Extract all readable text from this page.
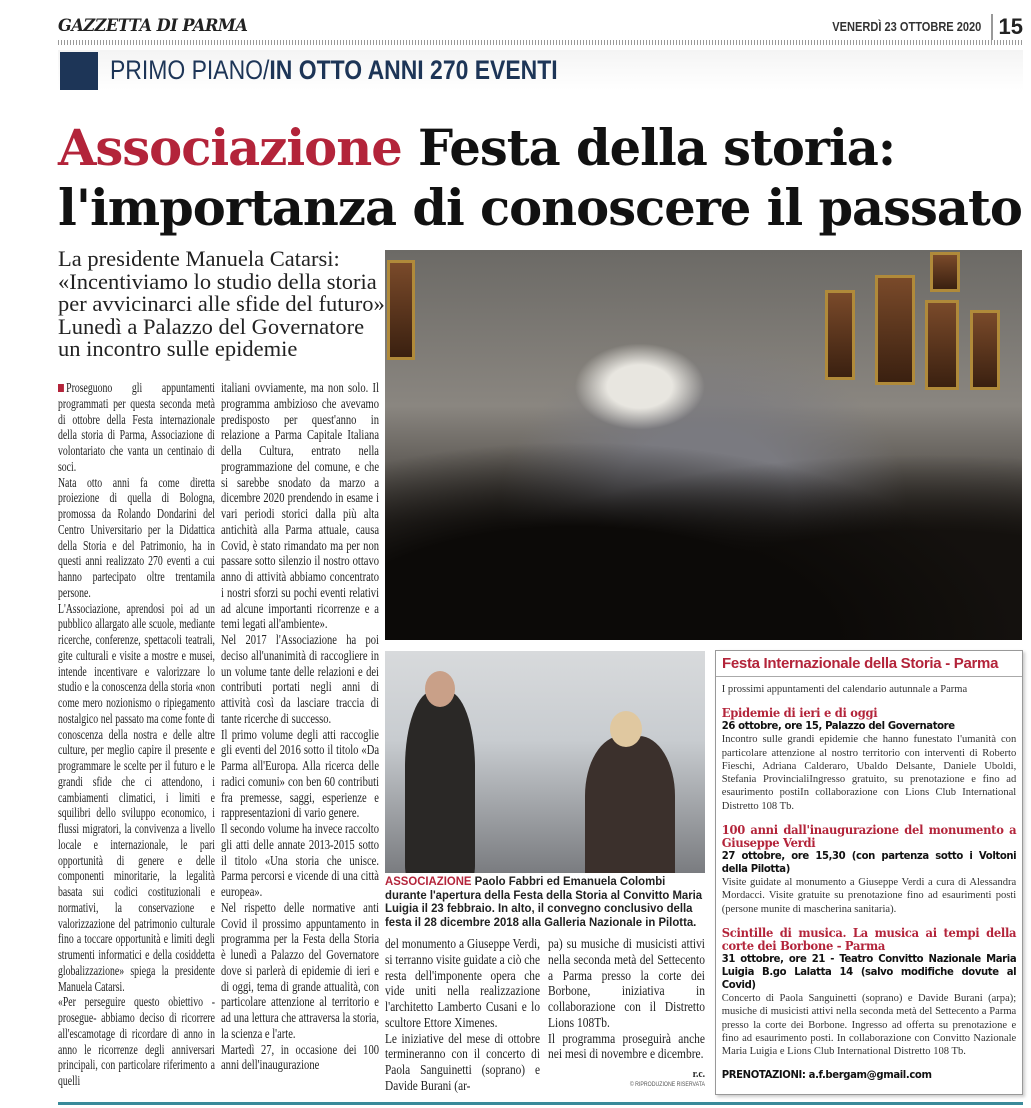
GAZZETTA DI PARMA	VENERDÌ 23 OTTOBRE 2020 15
PRIMO PIANO/IN OTTO ANNI 270 EVENTI
Associazione Festa della storia:
l'importanza di conoscere il passato
La presidente Manuela Catarsi: «Incentiviamo lo studio della storia per avvicinarci alle sfide del futuro» Lunedì a Palazzo del Governatore un incontro sulle epidemie

Proseguono gli appuntamenti programmati per questa seconda metà di ottobre della Festa internazionale della storia di Parma, Associazione di volontariato che vanta un centinaio di soci.

Nata otto anni fa come diretta proiezione di quella di Bologna, promossa da Rolando Dondarini del Centro Universitario per la Didattica della Storia e del Patrimonio, ha in questi anni realizzato 270 eventi a cui hanno partecipato oltre trentamila persone.

L'Associazione, aprendosi poi ad un pubblico allargato alle scuole, mediante ricerche, conferenze, spettacoli teatrali, gite culturali e visite a mostre e musei, intende incentivare e valorizzare lo studio e la conoscenza della storia «non come mero nozionismo o ripiegamento nostalgico nel passato ma come fonte di conoscenza della nostra e delle altre culture, per meglio capire il presente e programmare le scelte per il futuro e le grandi sfide che ci attendono, i cambiamenti climatici, i limiti e squilibri dello sviluppo economico, i flussi migratori, la convivenza a livello locale e internazionale, le pari opportunità di genere e delle componenti minoritarie, la legalità basata sui codici costituzionali e normativi, la conservazione e valorizzazione del patrimonio culturale fino a toccare opportunità e limiti degli strumenti informatici e della cosiddetta globalizzazione» spiega la presidente Manuela Catarsi.

«Per perseguire questo obiettivo - prosegue- abbiamo deciso di ricorrere all'escamotage di ricordare di anno in anno le ricorrenze degli anniversari principali, con particolare riferimento a quelli

italiani ovviamente, ma non solo. Il programma ambizioso che avevamo predisposto per quest'anno in relazione a Parma Capitale Italiana della Cultura, entrato nella programmazione del comune, e che si sarebbe snodato da marzo a dicembre 2020 prendendo in esame i vari periodi storici dalla più alta antichità alla Parma attuale, causa Covid, è stato rimandato ma per non passare sotto silenzio il nostro ottavo anno di attività abbiamo concentrato i nostri sforzi su pochi eventi relativi ad alcune importanti ricorrenze e a temi legati all'ambiente».

Nel 2017 l'Associazione ha poi deciso all'unanimità di raccogliere in un volume tante delle relazioni e dei contributi portati negli anni di attività così da lasciare traccia di tante ricerche di successo.

Il primo volume degli atti raccoglie gli eventi del 2016 sotto il titolo «Da Parma all'Europa. Alla ricerca delle radici comuni» con ben 60 contributi fra premesse, saggi, esperienze e rappresentazioni di vario genere.

Il secondo volume ha invece raccolto gli atti delle annate 2013-2015 sotto il titolo «Una storia che unisce. Parma percorsi e vicende di una città europea».

Nel rispetto delle normative anti Covid il prossimo appuntamento in programma per la Festa della Storia è lunedì a Palazzo del Governatore dove si parlerà di epidemie di ieri e di oggi, tema di grande attualità, con particolare attenzione al territorio e ad una lettura che attraversa la storia, la scienza e l'arte.

Martedì 27, in occasione dei 100 anni dell'inaugurazione

ASSOCIAZIONE Paolo Fabbri ed Emanuela Colombi durante l'apertura della Festa della Storia al Convitto Maria Luigia il 23 febbraio. In alto, il convegno conclusivo della festa il 28 dicembre 2018 alla Galleria Nazionale in Pilotta.

del monumento a Giuseppe Verdi, si terranno visite guidate a ciò che resta dell'imponente opera che vide uniti nella realizzazione l'architetto Lamberto Cusani e lo scultore Ettore Ximenes.

Le iniziative del mese di ottobre termineranno con il concerto di Paola Sanguinetti (soprano) e Davide Burani (ar-

pa) su musiche di musicisti attivi nella seconda metà del Settecento a Parma presso la corte dei Borbone, iniziativa in collaborazione con il Distretto Lions 108Tb.

Il programma proseguirà anche nei mesi di novembre e dicembre.

r.c.
© RIPRODUZIONE RISERVATA
Festa Internazionale della Storia - Parma
I prossimi appuntamenti del calendario autunnale a Parma
Epidemie di ieri e di oggi
26 ottobre, ore 15, Palazzo del Governatore
Incontro sulle grandi epidemie che hanno funestato l'umanità con particolare attenzione al nostro territorio con interventi di Roberto Fieschi, Adriana Calderaro, Ubaldo Delsante, Daniele Uboldi, Stefania ProvincialiIngresso gratuito, su prenotazione e fino ad esaurimento postiIn collaborazione con Lions Club International Distretto 108 Tb.
100 anni dall'inaugurazione del monumento a Giuseppe Verdi
27 ottobre, ore 15,30 (con partenza sotto i Voltoni della Pilotta)
Visite guidate al monumento a Giuseppe Verdi a cura di Alessandra Mordacci. Visite gratuite su prenotazione fino ad esaurimenti posti (persone munite di mascherina sanitaria).
Scintille di musica. La musica ai tempi della corte dei Borbone - Parma
31 ottobre, ore 21 - Teatro Convitto Nazionale Maria Luigia B.go Lalatta 14 (salvo modifiche dovute al Covid)
Concerto di Paola Sanguinetti (soprano) e Davide Burani (arpa); musiche di musicisti attivi nella seconda metà del Settecento a Parma presso la corte dei Borbone. Ingresso ad offerta su prenotazione e fino ad esaurimento posti. In collaborazione con Convitto Nazionale Maria Luigia e Lions Club International Distretto 108 Tb.
PRENOTAZIONI: a.f.bergam@gmail.com
